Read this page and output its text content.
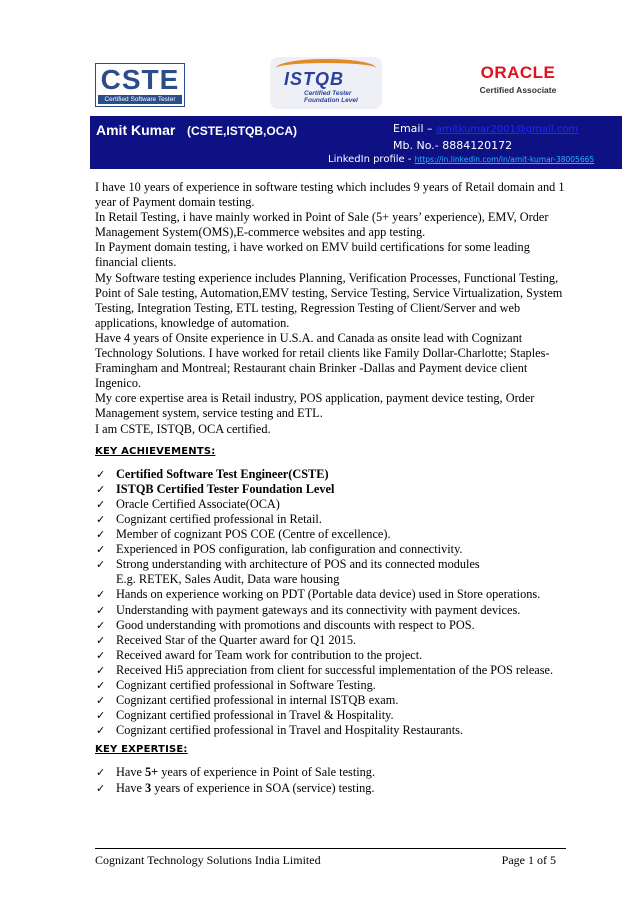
CSTE
Certified Software Tester
ISTQB
Certified Tester
Foundation Level
ORACLE
Certified Associate
Amit Kumar (CSTE,ISTQB,OCA)	Email – amitkumar2001@gmail.com
Mb. No.- 8884120172
LinkedIn profile - https://in.linkedin.com/in/amit-kumar-38005665

I have 10 years of experience in software testing which includes 9 years of Retail domain and 1 year of Payment domain testing.

In Retail Testing, i have mainly worked in Point of Sale (5+ years’ experience), EMV, Order Management System(OMS),E-commerce websites and app testing.

In Payment domain testing, i have worked on EMV build certifications for some leading financial clients.

My Software testing experience includes Planning, Verification Processes, Functional Testing, Point of Sale testing, Automation,EMV testing, Service Testing, Service Virtualization, System Testing, Integration Testing, ETL testing, Regression Testing of Client/Server and web applications, knowledge of automation.

Have 4 years of Onsite experience in U.S.A. and Canada as onsite lead with Cognizant Technology Solutions. I have worked for retail clients like Family Dollar-Charlotte; Staples-Framingham and Montreal; Restaurant chain Brinker -Dallas and Payment device client Ingenico.

My core expertise area is Retail industry, POS application, payment device testing, Order Management system, service testing and ETL.

I am CSTE, ISTQB, OCA certified.

KEY ACHIEVEMENTS:
✓ Certified Software Test Engineer(CSTE)
✓ ISTQB Certified Tester Foundation Level
✓ Oracle Certified Associate(OCA)
✓ Cognizant certified professional in Retail.
✓ Member of cognizant POS COE (Centre of excellence).
✓ Experienced in POS configuration, lab configuration and connectivity.
✓ Strong understanding with architecture of POS and its connected modules
E.g. RETEK, Sales Audit, Data ware housing
✓ Hands on experience working on PDT (Portable data device) used in Store operations.
✓ Understanding with payment gateways and its connectivity with payment devices.
✓ Good understanding with promotions and discounts with respect to POS.
✓ Received Star of the Quarter award for Q1 2015.
✓ Received award for Team work for contribution to the project.
✓ Received Hi5 appreciation from client for successful implementation of the POS release.
✓ Cognizant certified professional in Software Testing.
✓ Cognizant certified professional in internal ISTQB exam.
✓ Cognizant certified professional in Travel & Hospitality.
✓ Cognizant certified professional in Travel and Hospitality Restaurants.
KEY EXPERTISE:
✓ Have 5+ years of experience in Point of Sale testing.
✓ Have 3 years of experience in SOA (service) testing.
Cognizant Technology Solutions India Limited	Page 1 of 5
